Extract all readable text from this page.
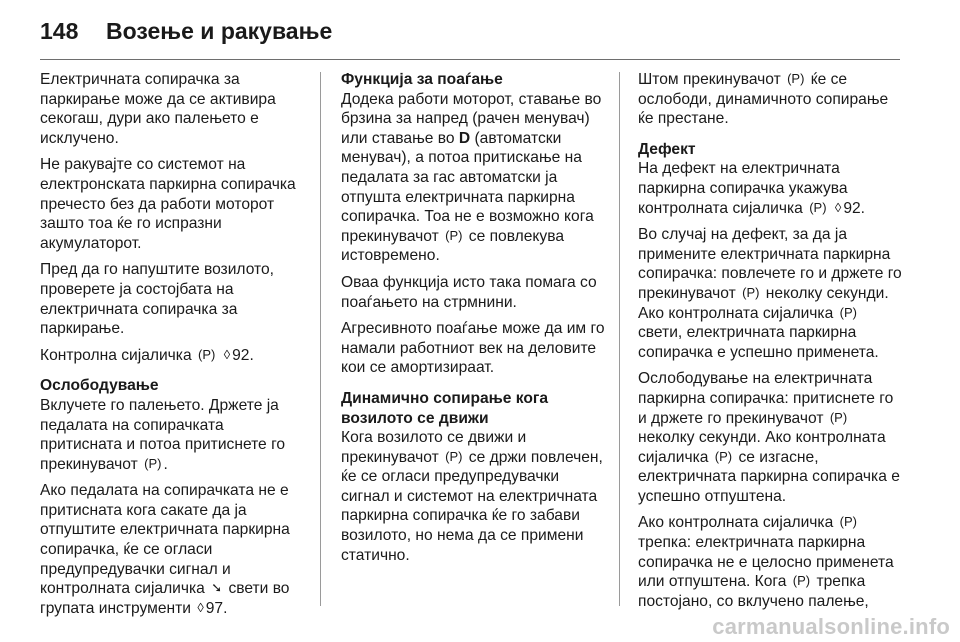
148	Возење и ракување

Електричната сопирачка за паркирање може да се активира секогаш, дури ако палењето е исклучено.

Не ракувајте со системот на електронската паркирна сопирачка пречесто без да работи моторот зашто тоа ќе го испразни акумулаторот.

Пред да го напуштите возилото, проверете ја состојбата на електричната сопирачка за паркирање.

Контролна сијаличка (P) ◊ 92.

Ослободување

Вклучете го палењето. Држете ја педалата на сопирачката притисната и потоа притиснете го прекинувачот (P) .

Ако педалата на сопирачката не е притисната кога сакате да ја отпуштите електричната паркирна сопирачка, ќе се огласи предупредувачки сигнал и контролната сијаличка ➘ свети во групата инструменти ◊ 97.

Функција за поаѓање

Додека работи моторот, ставање во брзина за напред (рачен менувач) или ставање во D (автоматски менувач), а потоа притискање на педалата за гас автоматски ја отпушта електричната паркирна сопирачка. Тоа не е возможно кога прекинувачот (P) се повлекува истовремено.

Оваа функција исто така помага со поаѓањето на стрмнини.

Агресивното поаѓање може да им го намали работниот век на деловите кои се амортизираат.

Динамично сопирање кога возилото се движи

Кога возилото се движи и прекинувачот (P) се држи повлечен, ќе се огласи предупредувачки сигнал и системот на електричната паркирна сопирачка ќе го забави возилото, но нема да се примени статично.

Штом прекинувачот (P) ќе се ослободи, динамичното сопирање ќе престане.

Дефект

На дефект на електричната паркирна сопирачка укажува контролната сијаличка (P) ◊ 92.

Во случај на дефект, за да ја примените електричната паркирна сопирачка: повлечете го и држете го прекинувачот (P) неколку секунди. Ако контролната сијаличка (P) свети, електричната паркирна сопирачка е успешно применета.

Ослободување на електричната паркирна сопирачка: притиснете го и држете го прекинувачот (P) неколку секунди. Ако контролната сијаличка (P) се изгасне, електричната паркирна сопирачка е успешно отпуштена.

Ако контролната сијаличка (P) трепка: електричната паркирна сопирачка не е целосно применета или отпуштена. Кога (P) трепка постојано, со вклучено палење,

carmanualsonline.info
